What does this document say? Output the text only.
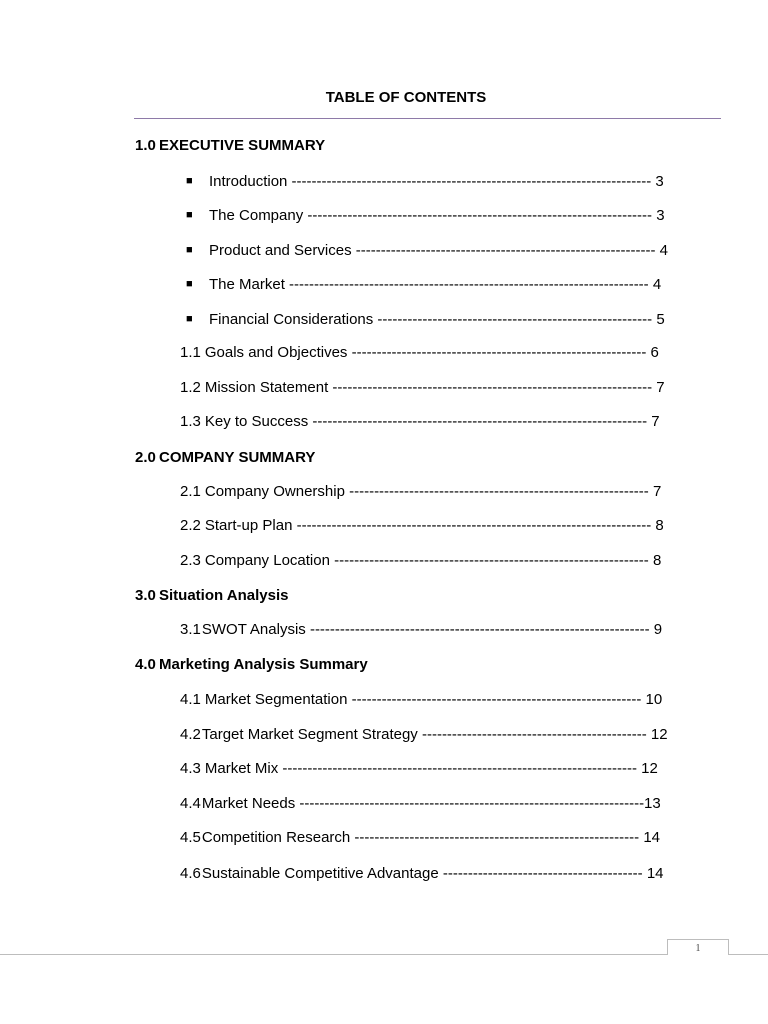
TABLE OF CONTENTS
1.0 EXECUTIVE SUMMARY
■ Introduction ------------------------------------------------------------------------ 3
■ The Company --------------------------------------------------------------------- 3
■ Product and Services ------------------------------------------------------------ 4
■ The Market ------------------------------------------------------------------------ 4
■ Financial Considerations ------------------------------------------------------- 5
1.1 Goals and Objectives ----------------------------------------------------------- 6
1.2 Mission Statement ---------------------------------------------------------------- 7
1.3 Key to Success ------------------------------------------------------------------- 7
2.0 COMPANY SUMMARY
2.1 Company Ownership ------------------------------------------------------------ 7
2.2 Start-up Plan ----------------------------------------------------------------------- 8
2.3 Company Location --------------------------------------------------------------- 8
3.0 Situation Analysis
3.1SWOT Analysis -------------------------------------------------------------------- 9
4.0 Marketing Analysis Summary
4.1 Market Segmentation ---------------------------------------------------------- 10
4.2Target Market Segment Strategy --------------------------------------------- 12
4.3 Market Mix ----------------------------------------------------------------------- 12
4.4Market Needs ---------------------------------------------------------------------13
4.5Competition Research --------------------------------------------------------- 14
4.6Sustainable Competitive Advantage ---------------------------------------- 14
1
